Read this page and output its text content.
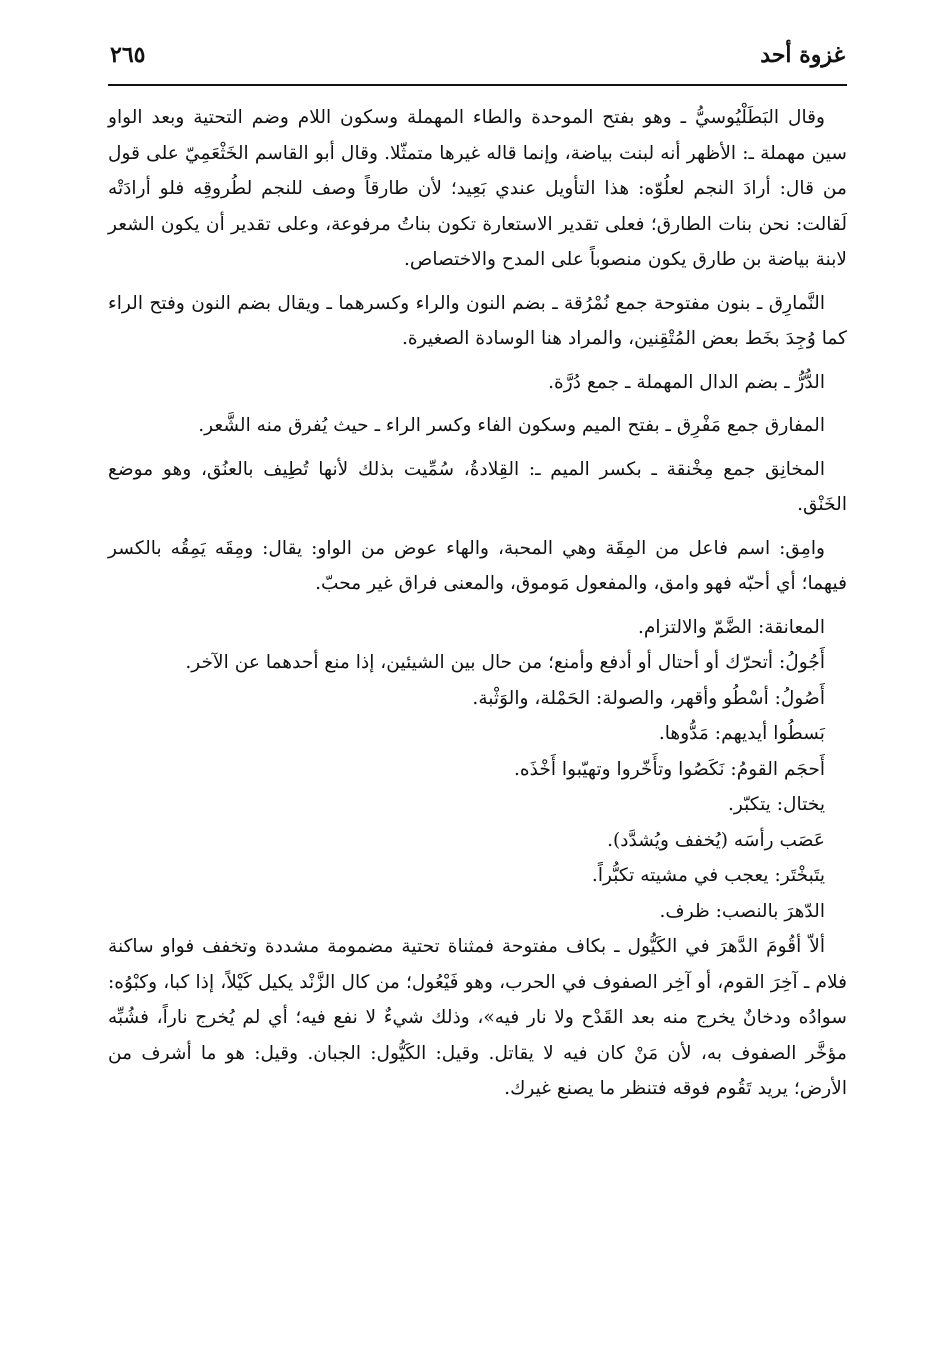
غزوة أحد
٢٦٥

وقال البَطَلْيُوسيُّ ـ وهو بفتح الموحدة والطاء المهملة وسكون اللام وضم التحتية وبعد الواو سين مهملة ـ: الأظهر أنه لبنت بياضة، وإنما قاله غيرها متمثّلا. وقال أبو القاسم الخَثْعَمِيّ على قول من قال: أرادَ النجم لعلُوّه: هذا التأويل عندي بَعِيد؛ لأن طارقاً وصف للنجم لطُروقِه فلو أرادَتْه لَقالت: نحن بنات الطارق؛ فعلى تقدير الاستعارة تكون بناتُ مرفوعة، وعلى تقدير أن يكون الشعر لابنة بياضة بن طارق يكون منصوباً على المدح والاختصاص.

النَّمارِق ـ بنون مفتوحة جمع نُمْرُقة ـ بضم النون والراء وكسرهما ـ ويقال بضم النون وفتح الراء كما وُجِدَ بخَط بعض المُتْقِنين، والمراد هنا الوسادة الصغيرة.

الدُّرُّ ـ بضم الدال المهملة ـ جمع دُرَّة.

المفارق جمع مَفْرِق ـ بفتح الميم وسكون الفاء وكسر الراء ـ حيث يُفرق منه الشَّعر.

المخانِق جمع مِخْنقة ـ بكسر الميم ـ: القِلادةُ، سُمِّيت بذلك لأنها تُطِيف بالعنُق، وهو موضع الخَنْق.

وامِق: اسم فاعل من المِقَة وهي المحبة، والهاء عوض من الواو: يقال: ومِقَه يَمِقُه بالكسر فيهما؛ أي أحبّه فهو وامق، والمفعول مَوموق، والمعنى فراق غير محبّ.

المعانقة: الضَّمّ والالتزام.

أَجُولُ: أتحرّك أو أحتال أو أدفع وأمنع؛ من حال بين الشيئين، إذا منع أحدهما عن الآخر.

أَصُولُ: أسْطُو وأقهر، والصولة: الحَمْلة، والوَثْبة.

بَسطُوا أيديهم: مَدُّوها.

أَحجَم القومُ: نَكَصُوا وتأَخّروا وتهيّبوا أَخْذَه.

يختال: يتكبّر.

عَصَب رأسَه (يُخفف ويُشدَّد).

يتَبخْتَر: يعجب في مشيته تكبُّراً.

الدّهرَ بالنصب: ظرف.

ألاّ أقُومَ الدَّهرَ في الكَيُّول ـ بكاف مفتوحة فمثناة تحتية مضمومة مشددة وتخفف فواو ساكنة فلام ـ آخِرَ القوم، أو آخِر الصفوف في الحرب، وهو فَيْعُول؛ من كال الزَّنْد يكيل كَيْلاً، إذا كبا، وكبْوُه: سوادُه ودخانٌ يخرج منه بعد القَدْح ولا نار فيه»، وذلك شيءٌ لا نفع فيه؛ أي لم يُخرج ناراً، فشُبِّه مؤخَّر الصفوف به، لأن مَنْ كان فيه لا يقاتل. وقيل: الكَيُّول: الجبان. وقيل: هو ما أشرف من الأرض؛ يريد تَقُوم فوقه فتنظر ما يصنع غيرك.
